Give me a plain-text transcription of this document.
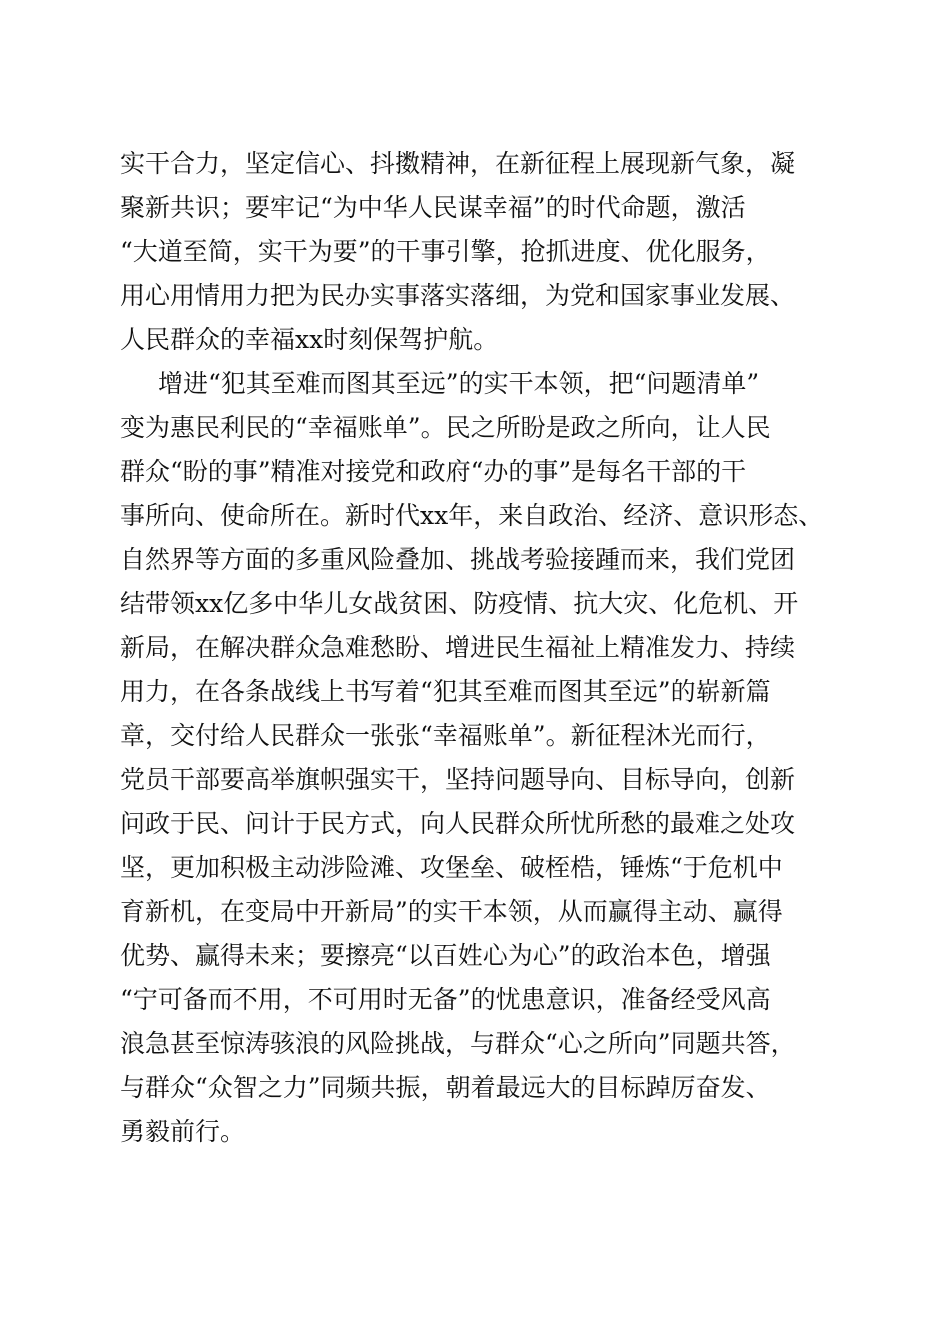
实干合力，坚定信心、抖擞精神，在新征程上展现新气象，凝
聚新共识；要牢记“为中华人民谋幸福”的时代命题，激活
“大道至简，实干为要”的干事引擎，抢抓进度、优化服务，
用心用情用力把为民办实事落实落细，为党和国家事业发展、
人民群众的幸福xx时刻保驾护航。
增进“犯其至难而图其至远”的实干本领，把“问题清单”
变为惠民利民的“幸福账单”。民之所盼是政之所向，让人民
群众“盼的事”精准对接党和政府“办的事”是每名干部的干
事所向、使命所在。新时代xx年，来自政治、经济、意识形态、
自然界等方面的多重风险叠加、挑战考验接踵而来，我们党团
结带领xx亿多中华儿女战贫困、防疫情、抗大灾、化危机、开
新局，在解决群众急难愁盼、增进民生福祉上精准发力、持续
用力，在各条战线上书写着“犯其至难而图其至远”的崭新篇
章，交付给人民群众一张张“幸福账单”。新征程沐光而行，
党员干部要高举旗帜强实干，坚持问题导向、目标导向，创新
问政于民、问计于民方式，向人民群众所忧所愁的最难之处攻
坚，更加积极主动涉险滩、攻堡垒、破桎梏，锤炼“于危机中
育新机，在变局中开新局”的实干本领，从而赢得主动、赢得
优势、赢得未来；要擦亮“以百姓心为心”的政治本色，增强
“宁可备而不用，不可用时无备”的忧患意识，准备经受风高
浪急甚至惊涛骇浪的风险挑战，与群众“心之所向”同题共答，
与群众“众智之力”同频共振，朝着最远大的目标踔厉奋发、
勇毅前行。
